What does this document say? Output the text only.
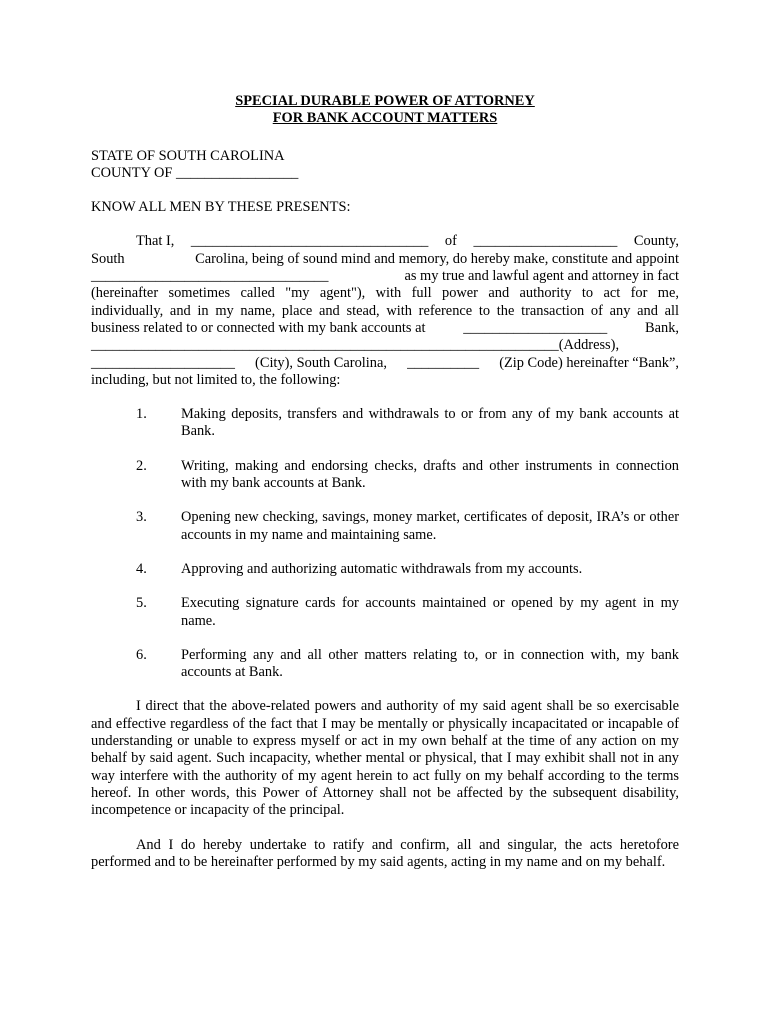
SPECIAL DURABLE POWER OF ATTORNEY

FOR BANK ACCOUNT MATTERS

STATE OF SOUTH CAROLINA
COUNTY OF _________________
KNOW ALL MEN BY THESE PRESENTS:
That I, _________________________________ of ____________________ County,
South	Carolina, being of sound mind and memory, do hereby make, constitute and appoint
_________________________________	as my true and lawful agent and attorney in fact
(hereinafter sometimes called "my agent"), with full power and authority to act for me,
individually, and in my name, place and stead, with reference to the transaction of any and all
business related to or connected with my bank accounts at	____________________	Bank,
_________________________________________________________________(Address),
____________________ (City), South Carolina, __________ (Zip Code) hereinafter “Bank”,
including, but not limited to, the following:
1.	Making deposits, transfers and withdrawals to or from any of my bank accounts at Bank.
2.	Writing, making and endorsing checks, drafts and other instruments in connection with my bank accounts at Bank.
3.	Opening new checking, savings, money market, certificates of deposit, IRA’s or other accounts in my name and maintaining same.
4.	Approving and authorizing automatic withdrawals from my accounts.
5.	Executing signature cards for accounts maintained or opened by my agent in my name.
6.	Performing any and all other matters relating to, or in connection with, my bank accounts at Bank.

I direct that the above-related powers and authority of my said agent shall be so exercisable and effective regardless of the fact that I may be mentally or physically incapacitated or incapable of understanding or unable to express myself or act in my own behalf at the time of any action on my behalf by said agent. Such incapacity, whether mental or physical, that I may exhibit shall not in any way interfere with the authority of my agent herein to act fully on my behalf according to the terms hereof. In other words, this Power of Attorney shall not be affected by the subsequent disability, incompetence or incapacity of the principal.

And I do hereby undertake to ratify and confirm, all and singular, the acts heretofore performed and to be hereinafter performed by my said agents, acting in my name and on my behalf.
